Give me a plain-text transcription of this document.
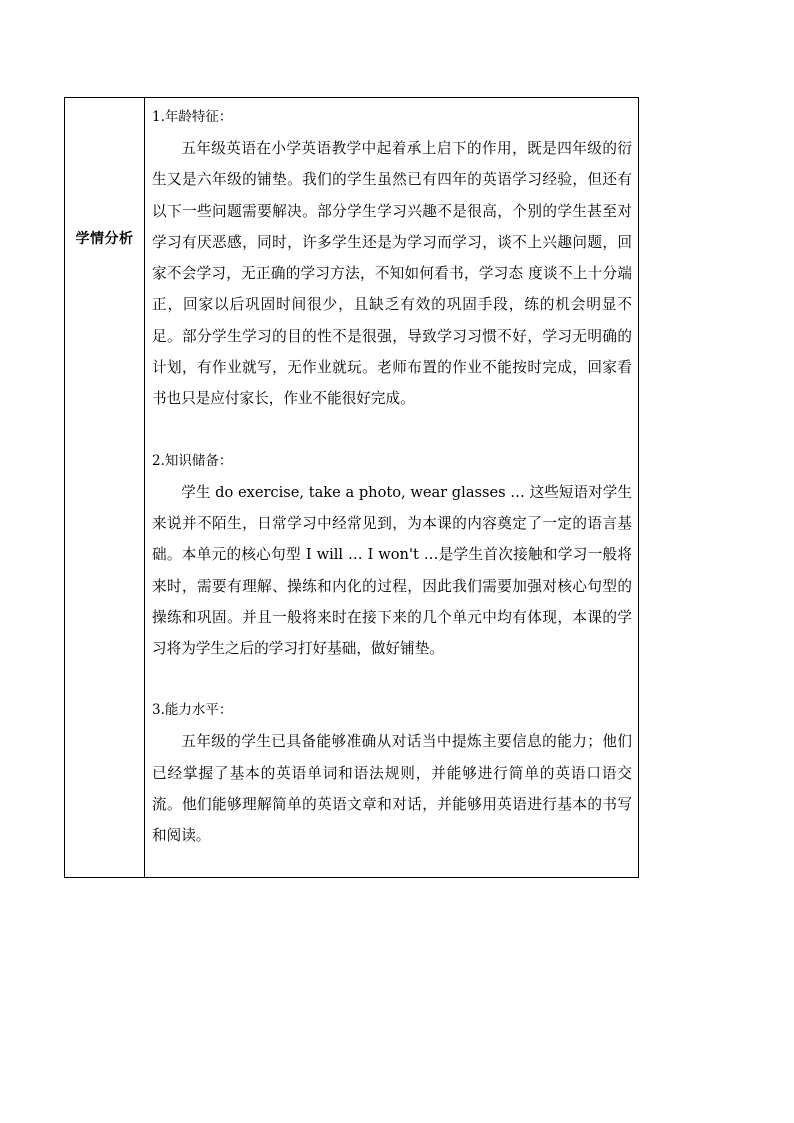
学情分析

1.年龄特征：

五年级英语在小学英语教学中起着承上启下的作用，既是四年级的衍生又是六年级的铺垫。我们的学生虽然已有四年的英语学习经验，但还有以下一些问题需要解决。部分学生学习兴趣不是很高，个别的学生甚至对学习有厌恶感，同时，许多学生还是为学习而学习，谈不上兴趣问题，回家不会学习，无正确的学习方法，不知如何看书，学习态 度谈不上十分端正，回家以后巩固时间很少，且缺乏有效的巩固手段，练的机会明显不足。部分学生学习的目的性不是很强，导致学习习惯不好，学习无明确的计划，有作业就写，无作业就玩。老师布置的作业不能按时完成，回家看书也只是应付家长，作业不能很好完成。

2.知识储备：

学生 do exercise, take a photo, wear glasses … 这些短语对学生来说并不陌生，日常学习中经常见到，为本课的内容奠定了一定的语言基础。本单元的核心句型 I will … I won't …是学生首次接触和学习一般将来时，需要有理解、操练和内化的过程，因此我们需要加强对核心句型的操练和巩固。并且一般将来时在接下来的几个单元中均有体现，本课的学习将为学生之后的学习打好基础，做好铺垫。

3.能力水平：

五年级的学生已具备能够准确从对话当中提炼主要信息的能力；他们已经掌握了基本的英语单词和语法规则，并能够进行简单的英语口语交流。他们能够理解简单的英语文章和对话，并能够用英语进行基本的书写和阅读。
